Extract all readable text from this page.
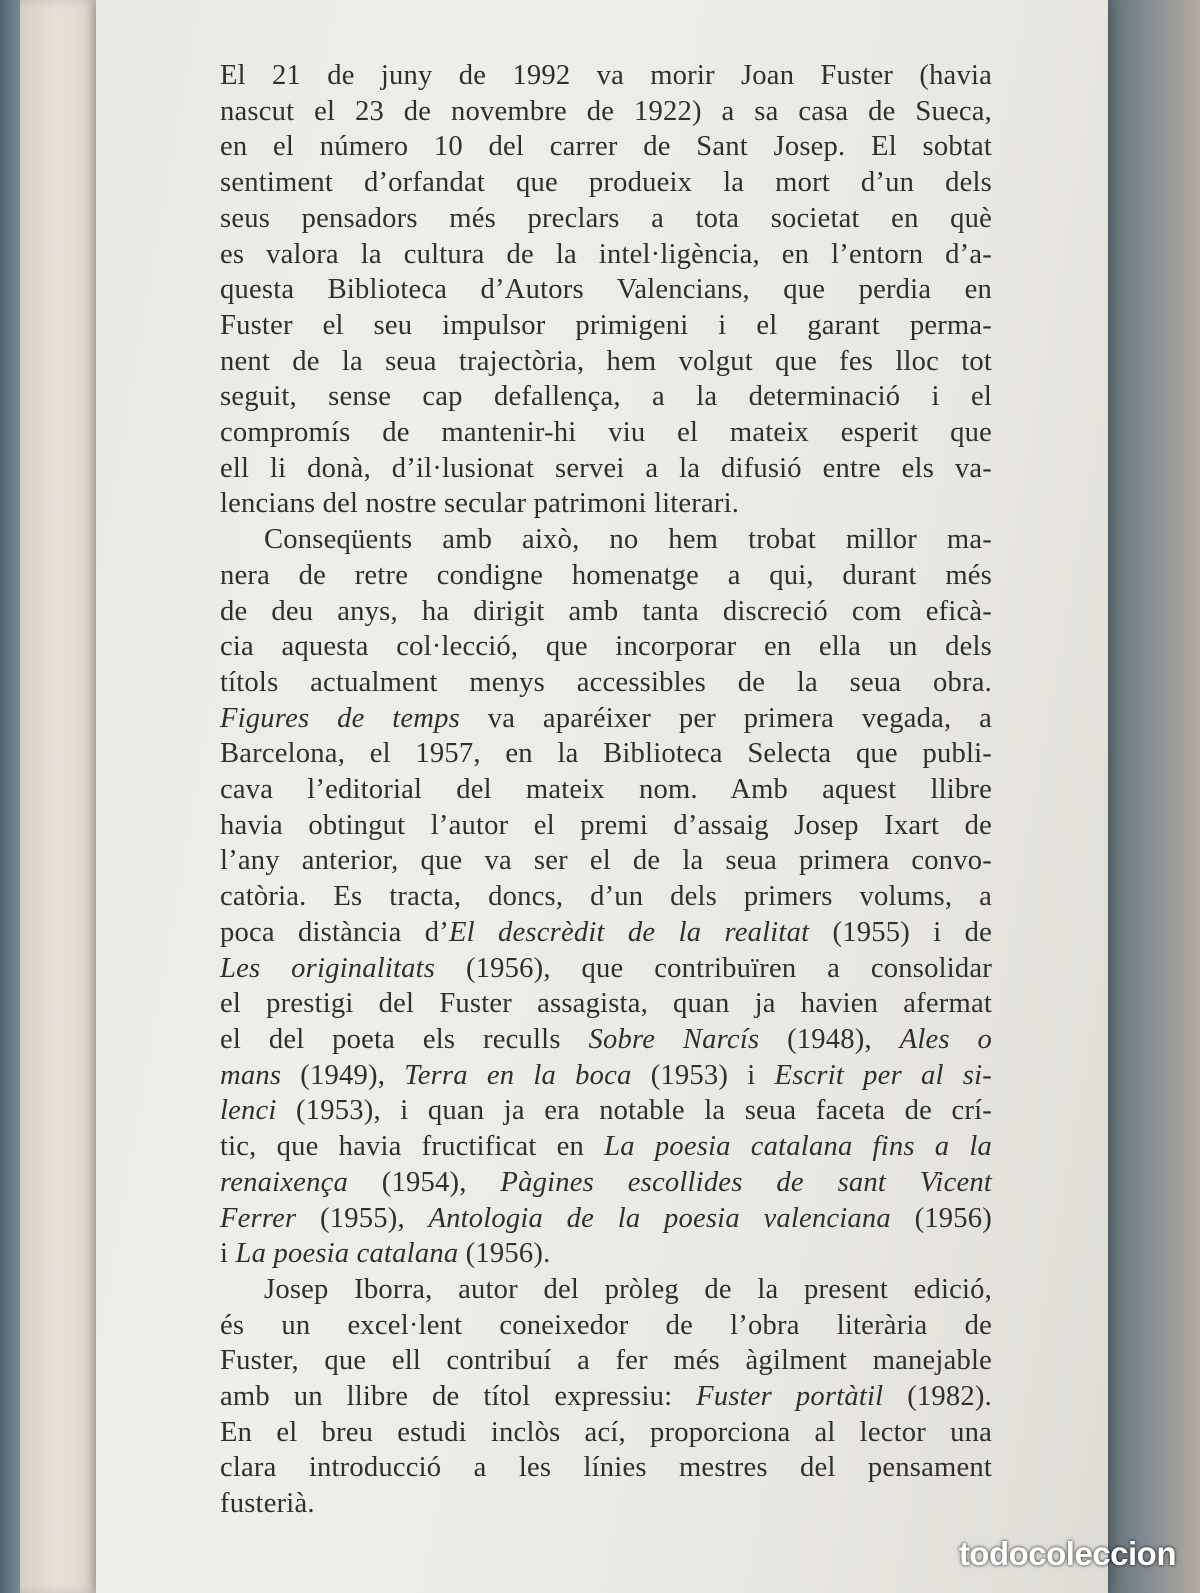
El 21 de juny de 1992 va morir Joan Fuster (havia
nascut el 23 de novembre de 1922) a sa casa de Sueca,
en el número 10 del carrer de Sant Josep. El sobtat
sentiment d’orfandat que produeix la mort d’un dels
seus pensadors més preclars a tota societat en què
es valora la cultura de la intel·ligència, en l’entorn d’a-
questa Biblioteca d’Autors Valencians, que perdia en
Fuster el seu impulsor primigeni i el garant perma-
nent de la seua trajectòria, hem volgut que fes lloc tot
seguit, sense cap defallença, a la determinació i el
compromís de mantenir-hi viu el mateix esperit que
ell li donà, d’il·lusionat servei a la difusió entre els va-
lencians del nostre secular patrimoni literari.
Conseqüents amb això, no hem trobat millor ma-
nera de retre condigne homenatge a qui, durant més
de deu anys, ha dirigit amb tanta discreció com eficà-
cia aquesta col·lecció, que incorporar en ella un dels
títols actualment menys accessibles de la seua obra.
Figures de temps va aparéixer per primera vegada, a
Barcelona, el 1957, en la Biblioteca Selecta que publi-
cava l’editorial del mateix nom. Amb aquest llibre
havia obtingut l’autor el premi d’assaig Josep Ixart de
l’any anterior, que va ser el de la seua primera convo-
catòria. Es tracta, doncs, d’un dels primers volums, a
poca distància d’El descrèdit de la realitat (1955) i de
Les originalitats (1956), que contribuïren a consolidar
el prestigi del Fuster assagista, quan ja havien afermat
el del poeta els reculls Sobre Narcís (1948), Ales o
mans (1949), Terra en la boca (1953) i Escrit per al si-
lenci (1953), i quan ja era notable la seua faceta de crí-
tic, que havia fructificat en La poesia catalana fins a la
renaixença (1954), Pàgines escollides de sant Vicent
Ferrer (1955), Antologia de la poesia valenciana (1956)
i La poesia catalana (1956).
Josep Iborra, autor del pròleg de la present edició,
és un excel·lent coneixedor de l’obra literària de
Fuster, que ell contribuí a fer més àgilment manejable
amb un llibre de títol expressiu: Fuster portàtil (1982).
En el breu estudi inclòs ací, proporciona al lector una
clara introducció a les línies mestres del pensament
fusterià.
todocoleccion
